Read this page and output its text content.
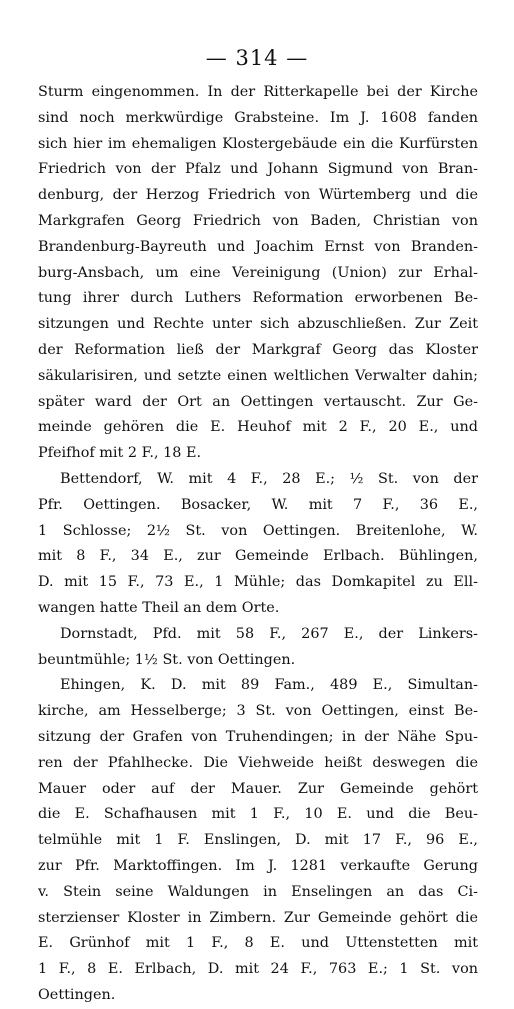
— 314 —
Sturm eingenommen. In der Ritterkapelle bei der Kirche
sind noch merkwürdige Grabsteine. Im J. 1608 fanden
sich hier im ehemaligen Klostergebäude ein die Kurfürsten
Friedrich von der Pfalz und Johann Sigmund von Bran-
denburg, der Herzog Friedrich von Würtemberg und die
Markgrafen Georg Friedrich von Baden, Christian von
Brandenburg-Bayreuth und Joachim Ernst von Branden-
burg-Ansbach, um eine Vereinigung (Union) zur Erhal-
tung ihrer durch Luthers Reformation erworbenen Be-
sitzungen und Rechte unter sich abzuschließen. Zur Zeit
der Reformation ließ der Markgraf Georg das Kloster
säkularisiren, und setzte einen weltlichen Verwalter dahin;
später ward der Ort an Oettingen vertauscht. Zur Ge-
meinde gehören die E. Heuhof mit 2 F., 20 E., und
Pfeifhof mit 2 F., 18 E.
Bettendorf, W. mit 4 F., 28 E.; ½ St. von der
Pfr. Oettingen. Bosacker, W. mit 7 F., 36 E.,
1 Schlosse; 2½ St. von Oettingen. Breitenlohe, W.
mit 8 F., 34 E., zur Gemeinde Erlbach. Bühlingen,
D. mit 15 F., 73 E., 1 Mühle; das Domkapitel zu Ell-
wangen hatte Theil an dem Orte.
Dornstadt, Pfd. mit 58 F., 267 E., der Linkers-
beuntmühle; 1½ St. von Oettingen.
Ehingen, K. D. mit 89 Fam., 489 E., Simultan-
kirche, am Hesselberge; 3 St. von Oettingen, einst Be-
sitzung der Grafen von Truhendingen; in der Nähe Spu-
ren der Pfahlhecke. Die Viehweide heißt deswegen die
Mauer oder auf der Mauer. Zur Gemeinde gehört
die E. Schafhausen mit 1 F., 10 E. und die Beu-
telmühle mit 1 F. Enslingen, D. mit 17 F., 96 E.,
zur Pfr. Marktoffingen. Im J. 1281 verkaufte Gerung
v. Stein seine Waldungen in Enselingen an das Ci-
sterzienser Kloster in Zimbern. Zur Gemeinde gehört die
E. Grünhof mit 1 F., 8 E. und Uttenstetten mit
1 F., 8 E. Erlbach, D. mit 24 F., 763 E.; 1 St. von
Oettingen.
